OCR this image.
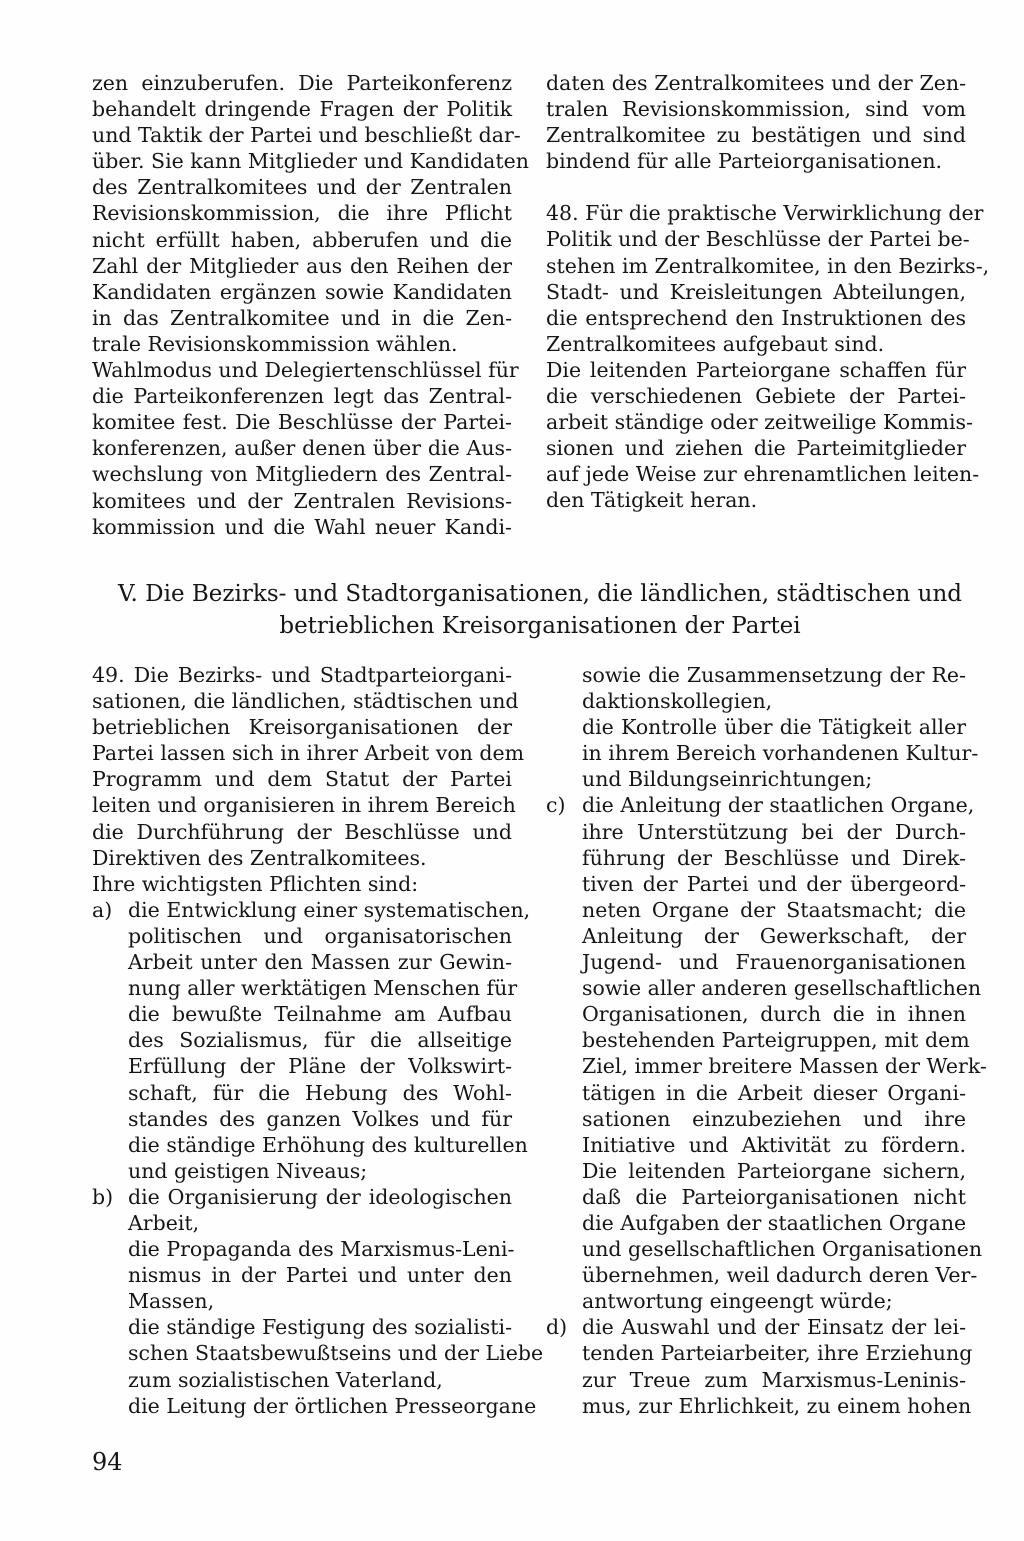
zen einzuberufen. Die Parteikonferenz
behandelt dringende Fragen der Politik
und Taktik der Partei und beschließt dar-
über. Sie kann Mitglieder und Kandidaten
des Zentralkomitees und der Zentralen
Revisionskommission, die ihre Pflicht
nicht erfüllt haben, abberufen und die
Zahl der Mitglieder aus den Reihen der
Kandidaten ergänzen sowie Kandidaten
in das Zentralkomitee und in die Zen-
trale Revisionskommission wählen.
Wahlmodus und Delegiertenschlüssel für
die Parteikonferenzen legt das Zentral-
komitee fest. Die Beschlüsse der Partei-
konferenzen, außer denen über die Aus-
wechslung von Mitgliedern des Zentral-
komitees und der Zentralen Revisions-
kommission und die Wahl neuer Kandi-
daten des Zentralkomitees und der Zen-
tralen Revisionskommission, sind vom
Zentralkomitee zu bestätigen und sind
bindend für alle Parteiorganisationen.
48. Für die praktische Verwirklichung der
Politik und der Beschlüsse der Partei be-
stehen im Zentralkomitee, in den Bezirks-,
Stadt- und Kreisleitungen Abteilungen,
die entsprechend den Instruktionen des
Zentralkomitees aufgebaut sind.
Die leitenden Parteiorgane schaffen für
die verschiedenen Gebiete der Partei-
arbeit ständige oder zeitweilige Kommis-
sionen und ziehen die Parteimitglieder
auf jede Weise zur ehrenamtlichen leiten-
den Tätigkeit heran.
V. Die Bezirks- und Stadtorganisationen, die ländlichen, städtischen und
betrieblichen Kreisorganisationen der Partei
49. Die Bezirks- und Stadtparteiorgani-
sationen, die ländlichen, städtischen und
betrieblichen Kreisorganisationen der
Partei lassen sich in ihrer Arbeit von dem
Programm und dem Statut der Partei
leiten und organisieren in ihrem Bereich
die Durchführung der Beschlüsse und
Direktiven des Zentralkomitees.
Ihre wichtigsten Pflichten sind:
a) die Entwicklung einer systematischen,
politischen und organisatorischen
Arbeit unter den Massen zur Gewin-
nung aller werktätigen Menschen für
die bewußte Teilnahme am Aufbau
des Sozialismus, für die allseitige
Erfüllung der Pläne der Volkswirt-
schaft, für die Hebung des Wohl-
standes des ganzen Volkes und für
die ständige Erhöhung des kulturellen
und geistigen Niveaus;
b) die Organisierung der ideologischen
Arbeit,
die Propaganda des Marxismus-Leni-
nismus in der Partei und unter den
Massen,
die ständige Festigung des sozialisti-
schen Staatsbewußtseins und der Liebe
zum sozialistischen Vaterland,
die Leitung der örtlichen Presseorgane
sowie die Zusammensetzung der Re-
daktionskollegien,
die Kontrolle über die Tätigkeit aller
in ihrem Bereich vorhandenen Kultur-
und Bildungseinrichtungen;
c) die Anleitung der staatlichen Organe,
ihre Unterstützung bei der Durch-
führung der Beschlüsse und Direk-
tiven der Partei und der übergeord-
neten Organe der Staatsmacht; die
Anleitung der Gewerkschaft, der
Jugend- und Frauenorganisationen
sowie aller anderen gesellschaftlichen
Organisationen, durch die in ihnen
bestehenden Parteigruppen, mit dem
Ziel, immer breitere Massen der Werk-
tätigen in die Arbeit dieser Organi-
sationen einzubeziehen und ihre
Initiative und Aktivität zu fördern.
Die leitenden Parteiorgane sichern,
daß die Parteiorganisationen nicht
die Aufgaben der staatlichen Organe
und gesellschaftlichen Organisationen
übernehmen, weil dadurch deren Ver-
antwortung eingeengt würde;
d) die Auswahl und der Einsatz der lei-
tenden Parteiarbeiter, ihre Erziehung
zur Treue zum Marxismus-Leninis-
mus, zur Ehrlichkeit, zu einem hohen
94
